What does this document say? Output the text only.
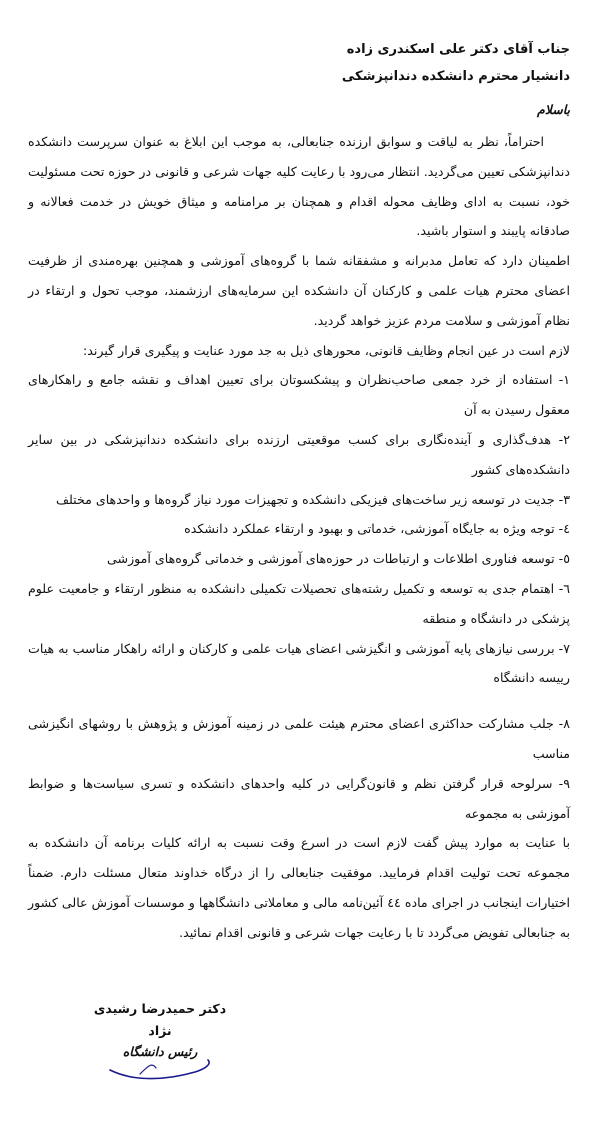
جناب آقای دکتر علی اسکندری زاده

دانشیار محترم دانشکده دندانپزشکی

باسلام

احتراماً، نظر به لیاقت و سوابق ارزنده جنابعالی، به موجب این ابلاغ به عنوان سرپرست دانشکده دندانپزشکی تعیین می‌گردید. انتظار می‌رود با رعایت کلیه جهات شرعی و قانونی در حوزه تحت مسئولیت خود، نسبت به ادای وظایف محوله اقدام و همچنان بر مرامنامه و میثاق خویش در خدمت فعالانه و صادقانه پایبند و استوار باشید.

اطمینان دارد که تعامل مدبرانه و مشفقانه شما با گروه‌های آموزشی و همچنین بهره‌مندی از ظرفیت اعضای محترم هیات علمی و کارکنان آن دانشکده این سرمایه‌های ارزشمند، موجب تحول و ارتقاء در نظام آموزشی و سلامت مردم عزیز خواهد گردید.

لازم است در عین انجام وظایف قانونی، محورهای ذیل به جد مورد عنایت و پیگیری قرار گیرند:

۱- استفاده از خرد جمعی صاحب‌نظران و پیشکسوتان برای تعیین اهداف و نقشه جامع و راهکارهای معقول رسیدن به آن

۲- هدف‌گذاری و آینده‌نگاری برای کسب موقعیتی ارزنده برای دانشکده دندانپزشکی در بین سایر دانشکده‌های کشور

۳- جدیت در توسعه زیر ساخت‌های فیزیکی دانشکده و تجهیزات مورد نیاز گروه‌ها و واحدهای مختلف

٤- توجه ویژه به جایگاه آموزشی، خدماتی و بهبود و ارتقاء عملکرد دانشکده

٥- توسعه فناوری اطلاعات و ارتباطات در حوزه‌های آموزشی و خدماتی گروه‌های آموزشی

٦- اهتمام جدی به توسعه و تکمیل رشته‌های تحصیلات تکمیلی دانشکده به منظور ارتقاء و جامعیت علوم پزشکی در دانشگاه و منطقه

۷- بررسی نیازهای پایه آموزشی و انگیزشی اعضای هیات علمی و کارکنان و ارائه راهکار مناسب به هیات رییسه دانشگاه

۸- جلب مشارکت حداکثری اعضای محترم هیئت علمی در زمینه آموزش و پژوهش با روشهای انگیزشی مناسب

۹- سرلوحه قرار گرفتن نظم و قانون‌گرایی در کلیه واحدهای دانشکده و تسری سیاست‌ها و ضوابط آموزشی به مجموعه

با عنایت به موارد پیش گفت لازم است در اسرع وقت نسبت به ارائه کلیات برنامه آن دانشکده به مجموعه تحت تولیت اقدام فرمایید. موفقیت جنابعالی را از درگاه خداوند متعال مسئلت دارم. ضمناً اختیارات اینجانب در اجرای ماده ٤٤ آئین‌نامه مالی و معاملاتی دانشگاهها و موسسات آموزش عالی کشور به جنابعالی تفویض می‌گردد تا با رعایت جهات شرعی و قانونی اقدام نمائید.

دکتر حمیدرضا رشیدی نژاد
رئیس دانشگاه
